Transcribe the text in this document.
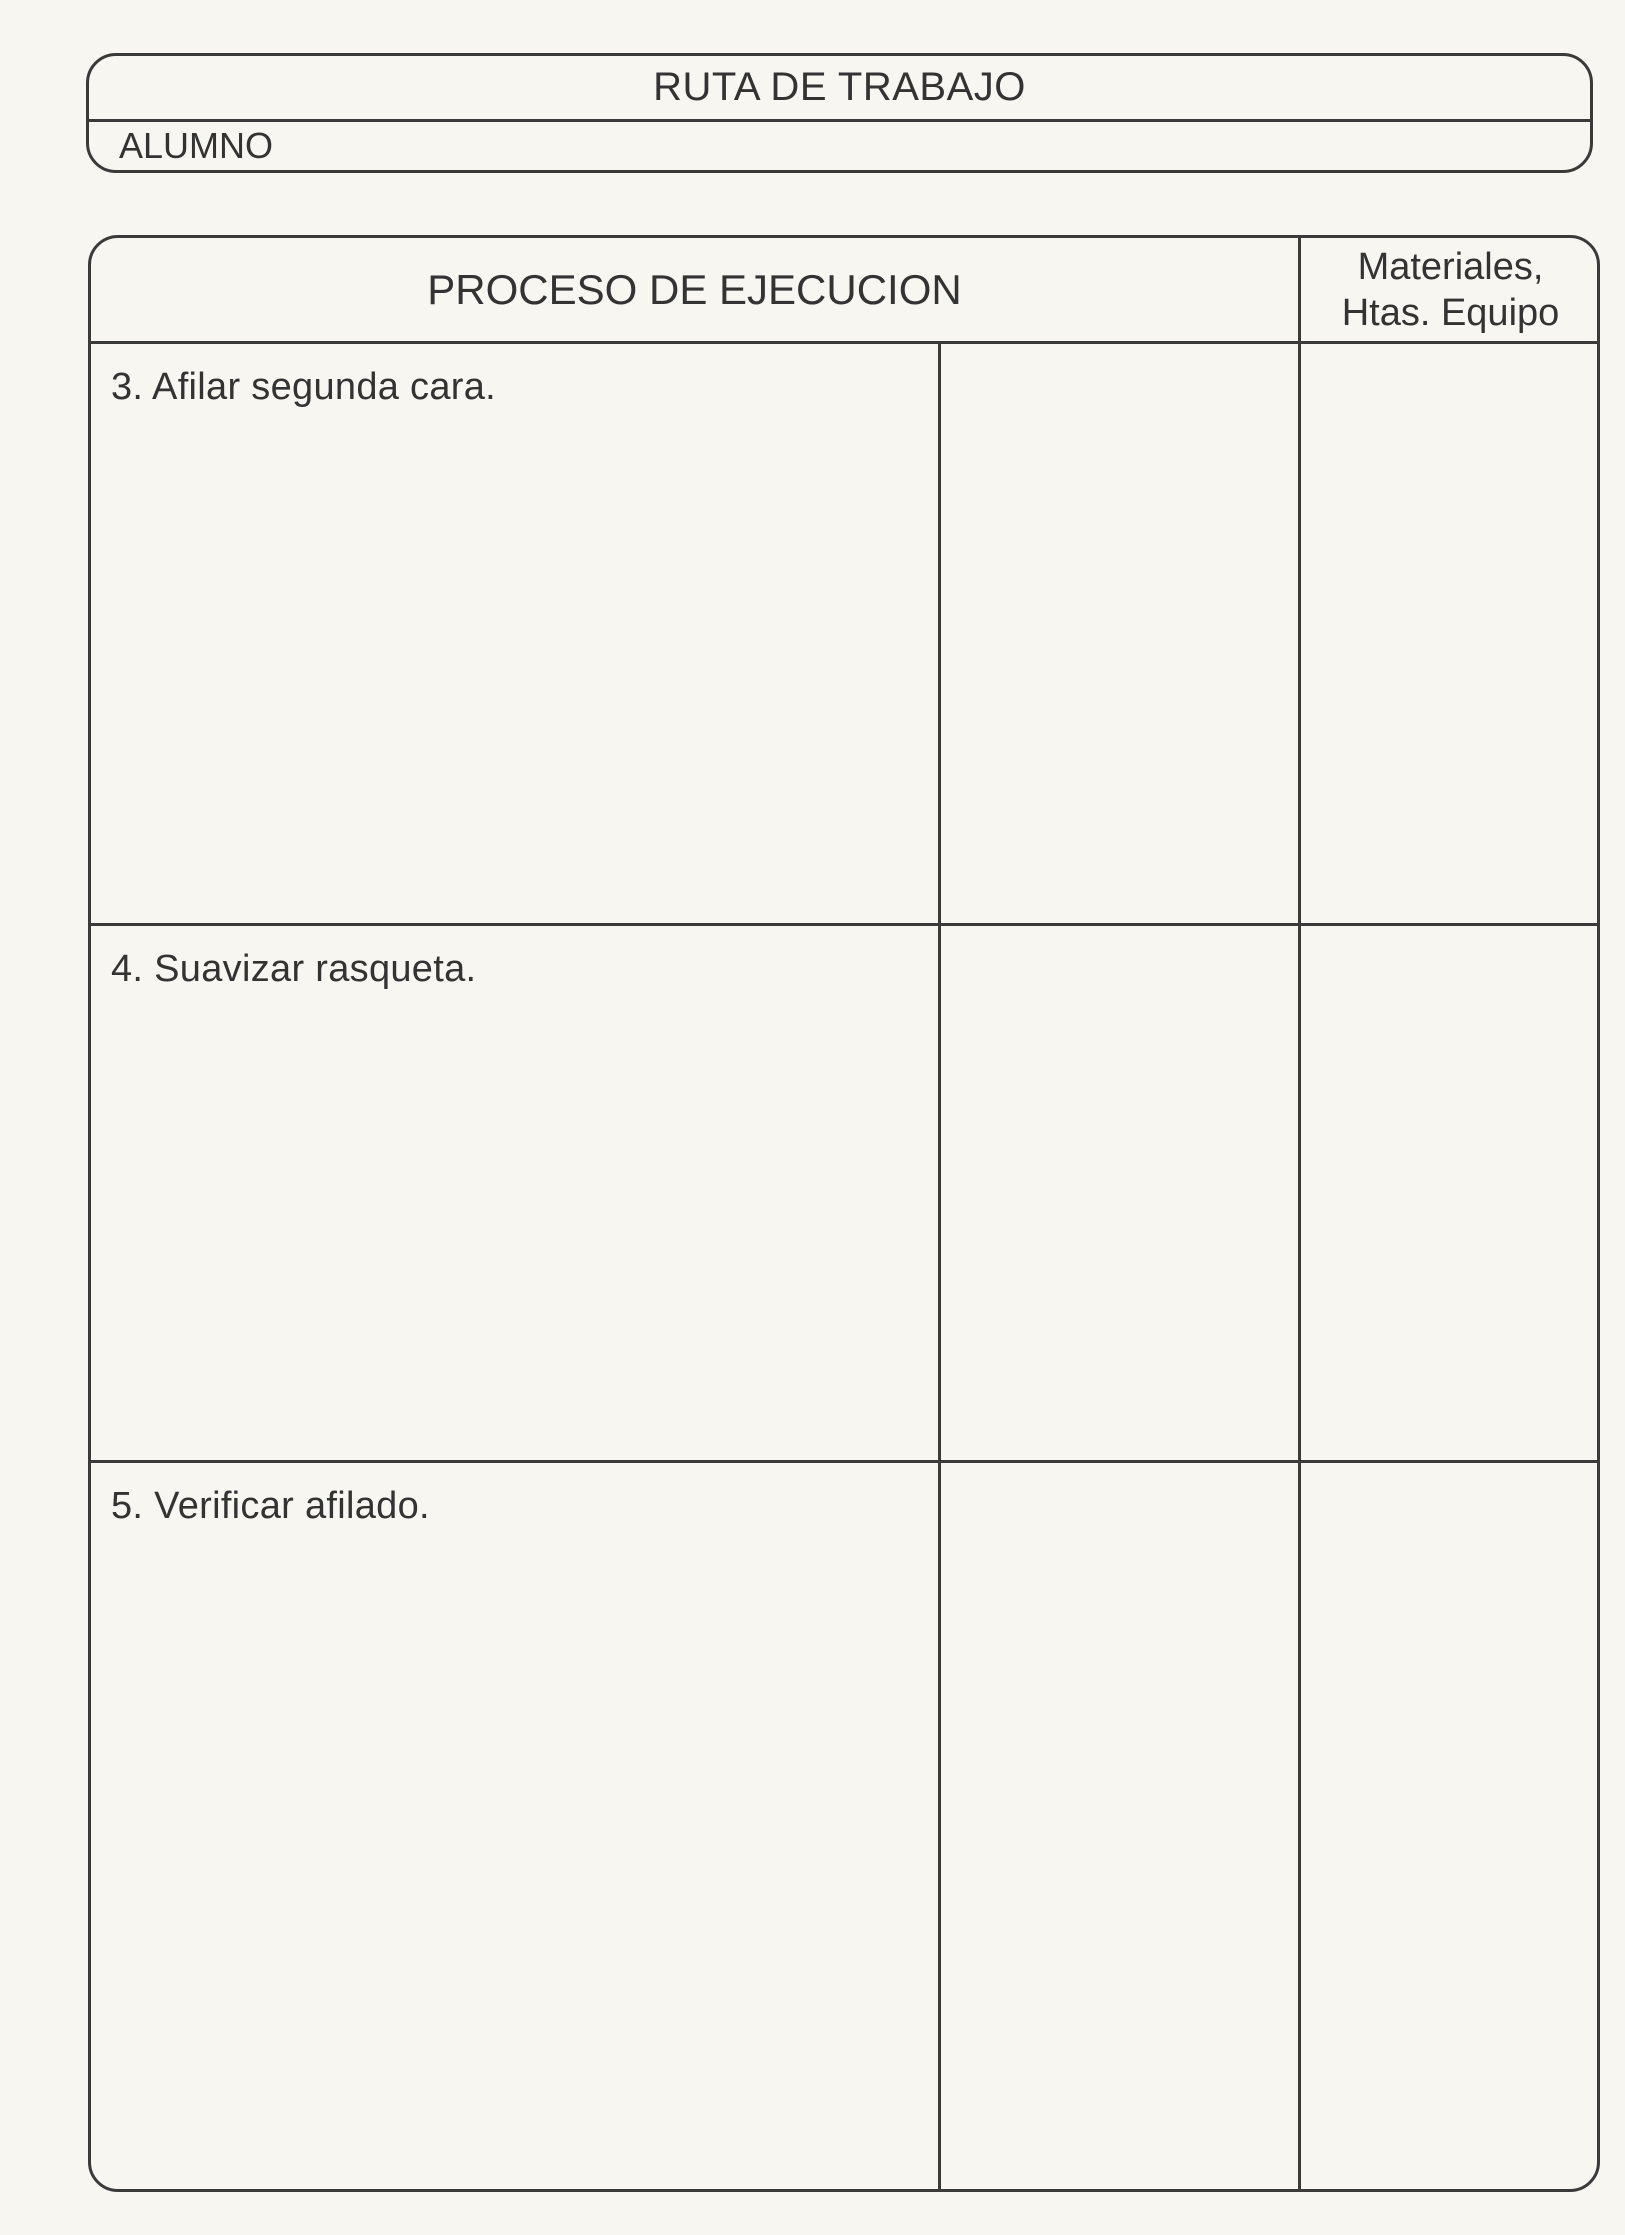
RUTA DE TRABAJO
ALUMNO
PROCESO DE EJECUCION	Materiales,
Htas. Equipo
3. Afilar segunda cara.
4. Suavizar rasqueta.
5. Verificar afilado.
